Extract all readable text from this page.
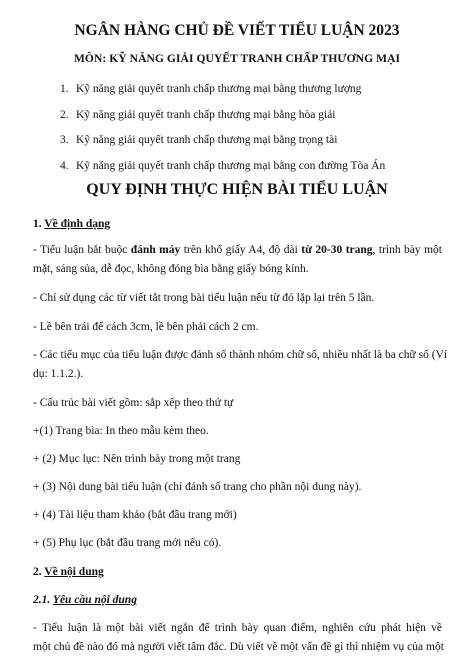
NGÂN HÀNG CHỦ ĐỀ VIẾT TIỂU LUẬN 2023

MÔN: KỸ NĂNG GIẢI QUYẾT TRANH CHẤP THƯƠNG MẠI

1. Kỹ năng giải quyết tranh chấp thương mại bằng thương lượng

2. Kỹ năng giải quyết tranh chấp thương mại bằng hòa giải

3. Kỹ năng giải quyết tranh chấp thương mại bằng trọng tài

4. Kỹ năng giải quyết tranh chấp thương mại bằng con đường Tòa Án

QUY ĐỊNH THỰC HIỆN BÀI TIỂU LUẬN

1. Về định dạng

- Tiểu luận bắt buộc đánh máy trên khổ giấy A4, độ dài từ 20-30 trang, trình bày một

mặt, sáng sủa, dễ đọc, không đóng bìa bằng giấy bóng kính.

- Chỉ sử dụng các từ viết tắt trong bài tiểu luận nếu từ đó lặp lại trên 5 lần.

- Lề bên trái để cách 3cm, lề bên phải cách 2 cm.

- Các tiểu mục của tiểu luận được đánh số thành nhóm chữ số, nhiều nhất là ba chữ số (Ví

dụ: 1.1.2.).

- Cấu trúc bài viết gồm: sắp xếp theo thứ tự

+(1) Trang bìa: In theo mẫu kèm theo.

+ (2) Mục lục: Nên trình bày trong một trang

+ (3) Nội dung bài tiểu luận (chỉ đánh số trang cho phần nội dung này).

+ (4) Tài liệu tham khảo (bắt đầu trang mới)

+ (5) Phụ lục (bắt đầu trang mới nếu có).

2. Về nội dung

2.1. Yêu cầu nội dung

- Tiểu luận là một bài viết ngắn để trình bày quan điểm, nghiên cứu phát hiện về

một chủ đề nào đó mà người viết tâm đắc. Dù viết về một vấn đề gì thì nhiệm vụ của một
